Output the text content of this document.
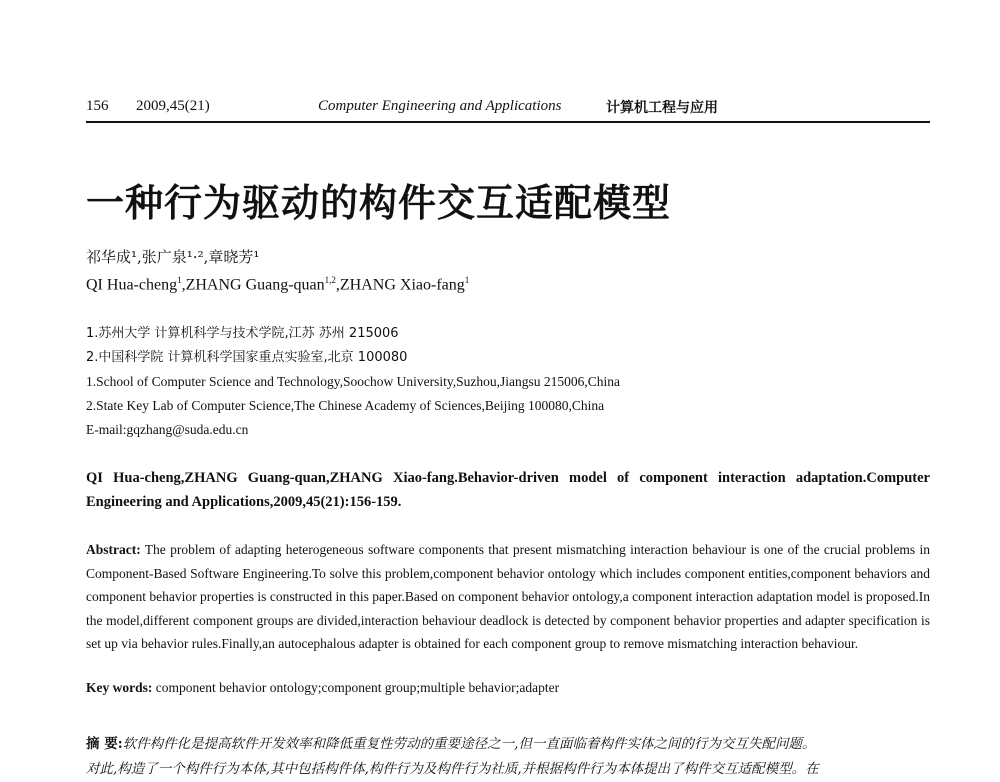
156 2009,45(21)	Computer Engineering and Applications	计算机工程与应用
一种行为驱动的构件交互适配模型
祁华成¹,张广泉¹·²,章晓芳¹
QI Hua-cheng$^1$,ZHANG Guang-quan$^{1,2}$,ZHANG Xiao-fang$^1$
1.苏州大学 计算机科学与技术学院,江苏 苏州 215006
2.中国科学院 计算机科学国家重点实验室,北京 100080
1.School of Computer Science and Technology,Soochow University,Suzhou,Jiangsu 215006,China
2.State Key Lab of Computer Science,The Chinese Academy of Sciences,Beijing 100080,China
E-mail:gqzhang@suda.edu.cn
QI Hua-cheng,ZHANG Guang-quan,ZHANG Xiao-fang.Behavior-driven model of component interaction adaptation.Computer Engineering and Applications,2009,45(21):156-159.
Abstract: The problem of adapting heterogeneous software components that present mismatching interaction behaviour is one of the crucial problems in Component-Based Software Engineering.To solve this problem,component behavior ontology which includes component entities,component behaviors and component behavior properties is constructed in this paper.Based on component behavior ontology,a component interaction adaptation model is proposed.In the model,different component groups are divided,interaction behaviour deadlock is detected by component behavior properties and adapter specification is set up via behavior rules.Finally,an autocephalous adapter is obtained for each component group to remove mismatching interaction behaviour.
Key words: component behavior ontology;component group;multiple behavior;adapter
摘 要:软件构件化是提高软件开发效率和降低重复性劳动的重要途径之一,但一直面临着构件实体之间的行为交互失配问题。
对此,构造了一个构件行为本体,其中包括构件体,构件行为及构件行为社质,并根据构件行为本体提出了构件交互适配模型。在
